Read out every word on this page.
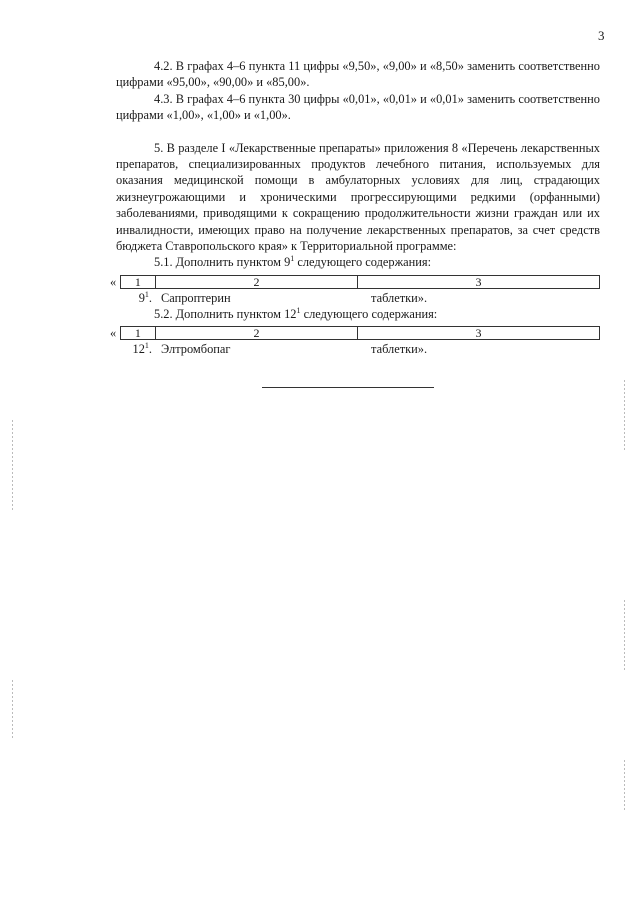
3

4.2. В графах 4–6 пункта 11 цифры «9,50», «9,00» и «8,50» заменить соответственно цифрами «95,00», «90,00» и «85,00».

4.3. В графах 4–6 пункта 30 цифры «0,01», «0,01» и «0,01» заменить соответственно цифрами «1,00», «1,00» и «1,00».

5. В разделе I «Лекарственные препараты» приложения 8 «Перечень лекарственных препаратов, специализированных продуктов лечебного питания, используемых для оказания медицинской помощи в амбулаторных условиях для лиц, страдающих жизнеугрожающими и хроническими прогрессирующими редкими (орфанными) заболеваниями, приводящими к сокращению продолжительности жизни граждан или их инвалидности, имеющих право на получение лекарственных препаратов, за счет средств бюджета Ставропольского края» к Территориальной программе:

5.1. Дополнить пунктом $9^1$ следующего содержания:

«	1	2	3
$9^1$. Сапроптерин	таблетки».

5.2. Дополнить пунктом $12^1$ следующего содержания:

«	1	2	3
$12^1$. Элтромбопаг	таблетки».
